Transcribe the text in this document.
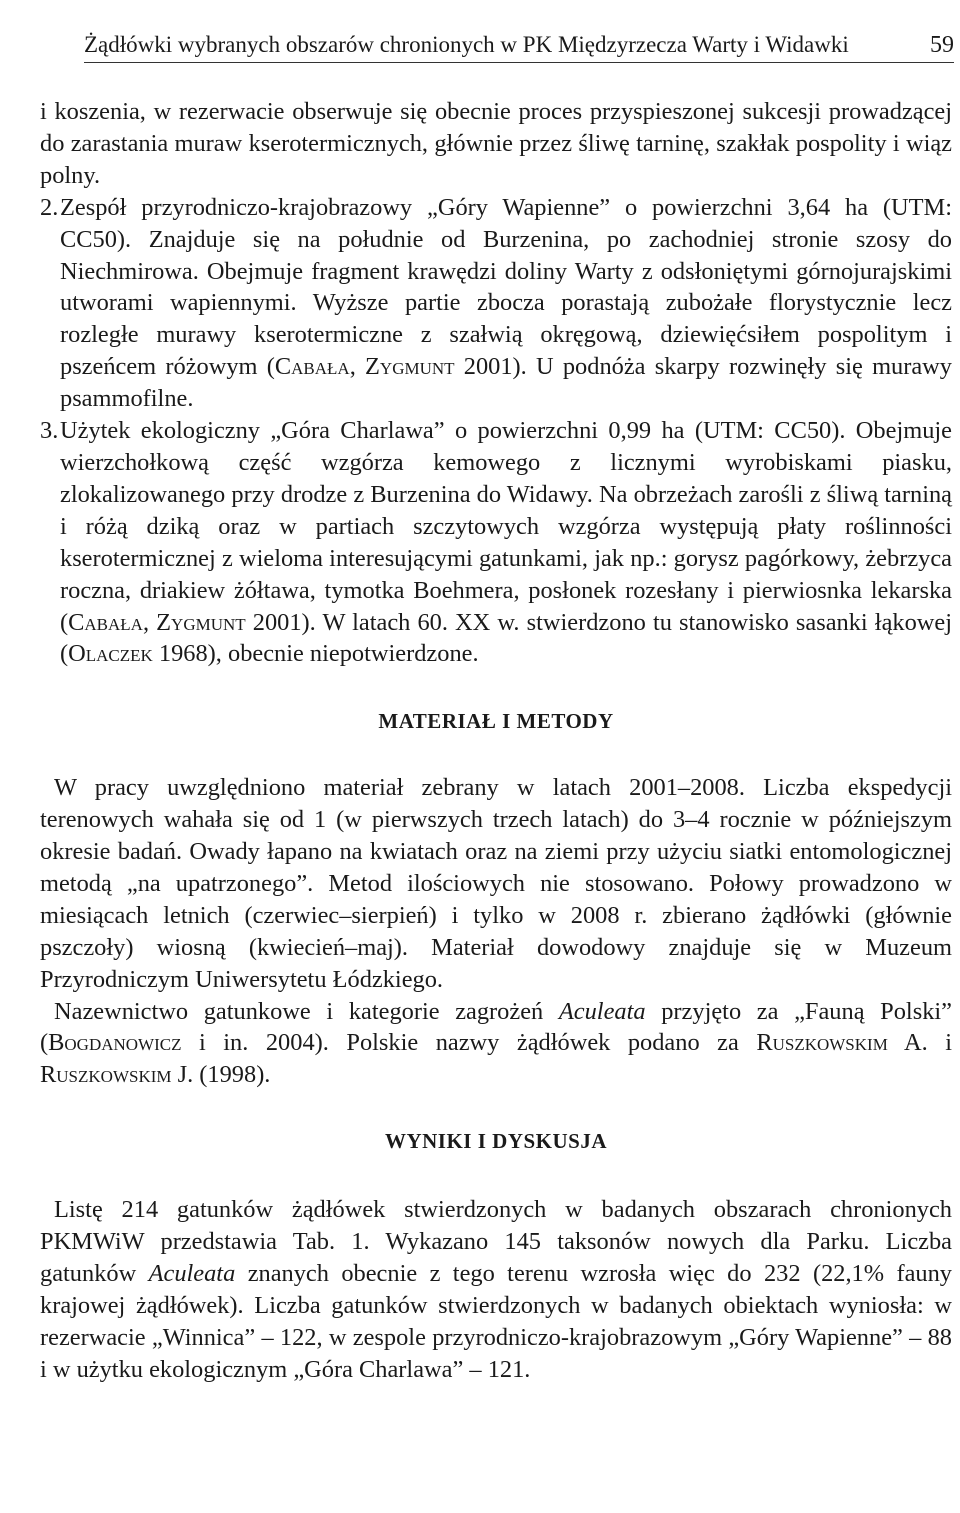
Żądłówki wybranych obszarów chronionych w PK Międzyrzecza Warty i Widawki	59

i koszenia, w rezerwacie obserwuje się obecnie proces przyspieszonej sukcesji prowadzącej do zarastania muraw kserotermicznych, głównie przez śliwę tarninę, szakłak pospolity i wiąz polny.

2. Zespół przyrodniczo-krajobrazowy „Góry Wapienne” o powierzchni 3,64 ha (UTM: CC50). Znajduje się na południe od Burzenina, po zachodniej stronie szosy do Niechmirowa. Obejmuje fragment krawędzi doliny Warty z odsłoniętymi górnojurajskimi utworami wapiennymi. Wyższe partie zbocza porastają zubożałe florystycznie lecz rozległe murawy kserotermiczne z szałwią okręgową, dziewięćsiłem pospolitym i pszeńcem różowym (Cabała, Zygmunt 2001). U podnóża skarpy rozwinęły się murawy psammofilne.
3. Użytek ekologiczny „Góra Charlawa” o powierzchni 0,99 ha (UTM: CC50). Obejmuje wierzchołkową część wzgórza kemowego z licznymi wyrobiskami piasku, zlokalizowanego przy drodze z Burzenina do Widawy. Na obrzeżach zarośli z śliwą tarniną i różą dziką oraz w partiach szczytowych wzgórza występują płaty roślinności kserotermicznej z wieloma interesującymi gatunkami, jak np.: gorysz pagórkowy, żebrzyca roczna, driakiew żółtawa, tymotka Boehmera, posłonek rozesłany i pierwiosnka lekarska (Cabała, Zygmunt 2001). W latach 60. XX w. stwierdzono tu stanowisko sasanki łąkowej (Olaczek 1968), obecnie niepotwierdzone.
MATERIAŁ I METODY

W pracy uwzględniono materiał zebrany w latach 2001–2008. Liczba ekspedycji terenowych wahała się od 1 (w pierwszych trzech latach) do 3–4 rocznie w późniejszym okresie badań. Owady łapano na kwiatach oraz na ziemi przy użyciu siatki entomologicznej metodą „na upatrzonego”. Metod ilościowych nie stosowano. Połowy prowadzono w miesiącach letnich (czerwiec–sierpień) i tylko w 2008 r. zbierano żądłówki (głównie pszczoły) wiosną (kwiecień–maj). Materiał dowodowy znajduje się w Muzeum Przyrodniczym Uniwersytetu Łódzkiego.

Nazewnictwo gatunkowe i kategorie zagrożeń Aculeata przyjęto za „Fauną Polski” (Bogdanowicz i in. 2004). Polskie nazwy żądłówek podano za Ruszkowskim A. i Ruszkowskim J. (1998).

WYNIKI I DYSKUSJA

Listę 214 gatunków żądłówek stwierdzonych w badanych obszarach chronionych PKMWiW przedstawia Tab. 1. Wykazano 145 taksonów nowych dla Parku. Liczba gatunków Aculeata znanych obecnie z tego terenu wzrosła więc do 232 (22,1% fauny krajowej żądłówek). Liczba gatunków stwierdzonych w badanych obiektach wyniosła: w rezerwacie „Winnica” – 122, w zespole przyrodniczo-krajobrazowym „Góry Wapienne” – 88 i w użytku ekologicznym „Góra Charlawa” – 121.
